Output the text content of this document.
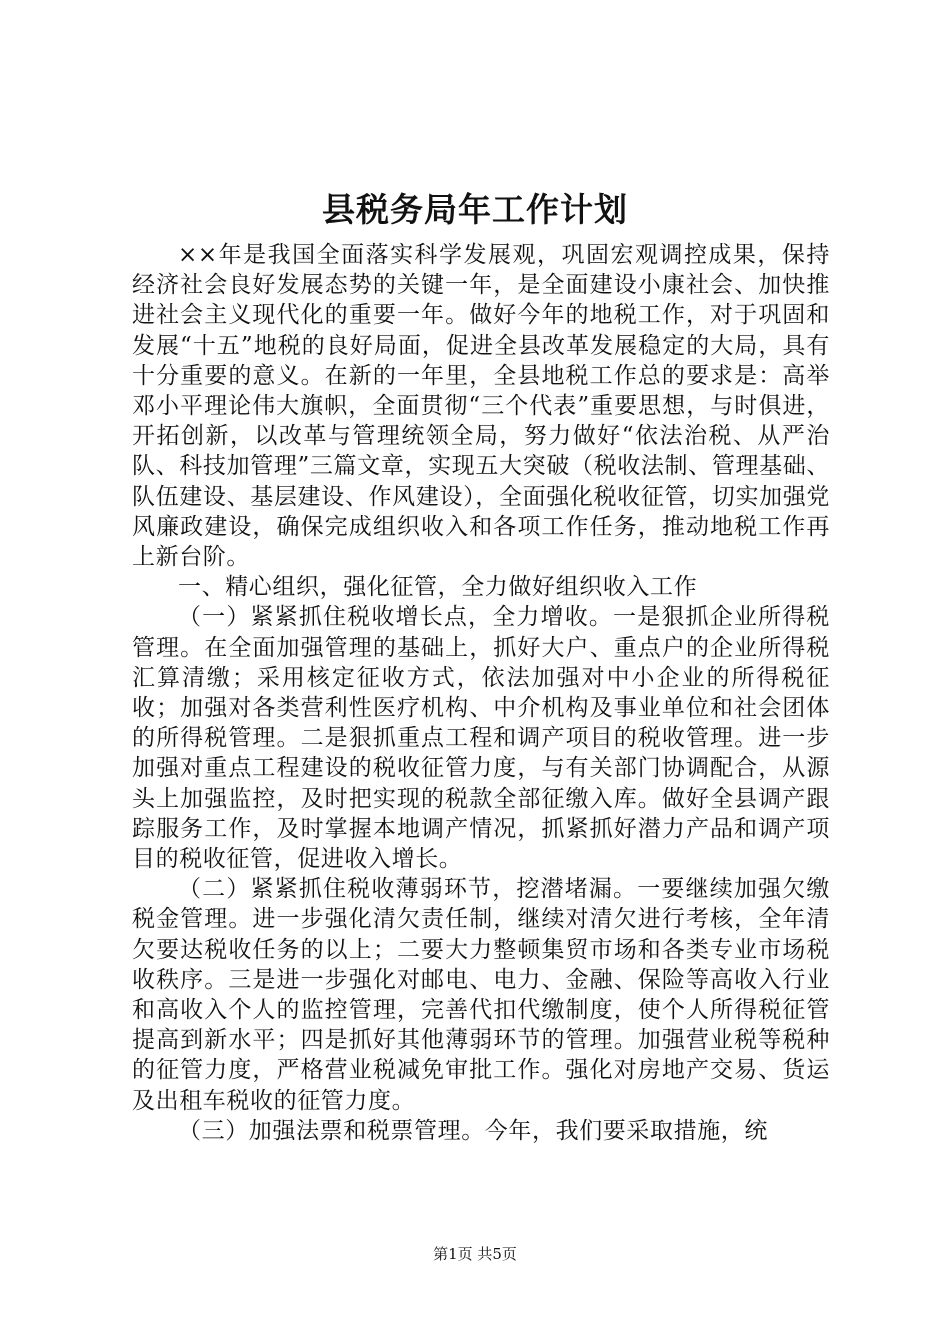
县税务局年工作计划

××年是我国全面落实科学发展观，巩固宏观调控成果，保持经济社会良好发展态势的关键一年，是全面建设小康社会、加快推进社会主义现代化的重要一年。做好今年的地税工作，对于巩固和发展“十五”地税的良好局面，促进全县改革发展稳定的大局，具有十分重要的意义。在新的一年里，全县地税工作总的要求是：高举邓小平理论伟大旗帜，全面贯彻“三个代表”重要思想，与时俱进，开拓创新，以改革与管理统领全局，努力做好“依法治税、从严治队、科技加管理”三篇文章，实现五大突破（税收法制、管理基础、队伍建设、基层建设、作风建设），全面强化税收征管，切实加强党风廉政建设，确保完成组织收入和各项工作任务，推动地税工作再上新台阶。

一、精心组织，强化征管，全力做好组织收入工作

（一）紧紧抓住税收增长点，全力增收。一是狠抓企业所得税管理。在全面加强管理的基础上，抓好大户、重点户的企业所得税汇算清缴；采用核定征收方式，依法加强对中小企业的所得税征收；加强对各类营利性医疗机构、中介机构及事业单位和社会团体的所得税管理。二是狠抓重点工程和调产项目的税收管理。进一步加强对重点工程建设的税收征管力度，与有关部门协调配合，从源头上加强监控，及时把实现的税款全部征缴入库。做好全县调产跟踪服务工作，及时掌握本地调产情况，抓紧抓好潜力产品和调产项目的税收征管，促进收入增长。

（二）紧紧抓住税收薄弱环节，挖潜堵漏。一要继续加强欠缴税金管理。进一步强化清欠责任制，继续对清欠进行考核，全年清欠要达税收任务的以上；二要大力整顿集贸市场和各类专业市场税收秩序。三是进一步强化对邮电、电力、金融、保险等高收入行业和高收入个人的监控管理，完善代扣代缴制度，使个人所得税征管提高到新水平；四是抓好其他薄弱环节的管理。加强营业税等税种的征管力度，严格营业税减免审批工作。强化对房地产交易、货运及出租车税收的征管力度。

（三）加强法票和税票管理。今年，我们要采取措施，统

第1页 共5页
